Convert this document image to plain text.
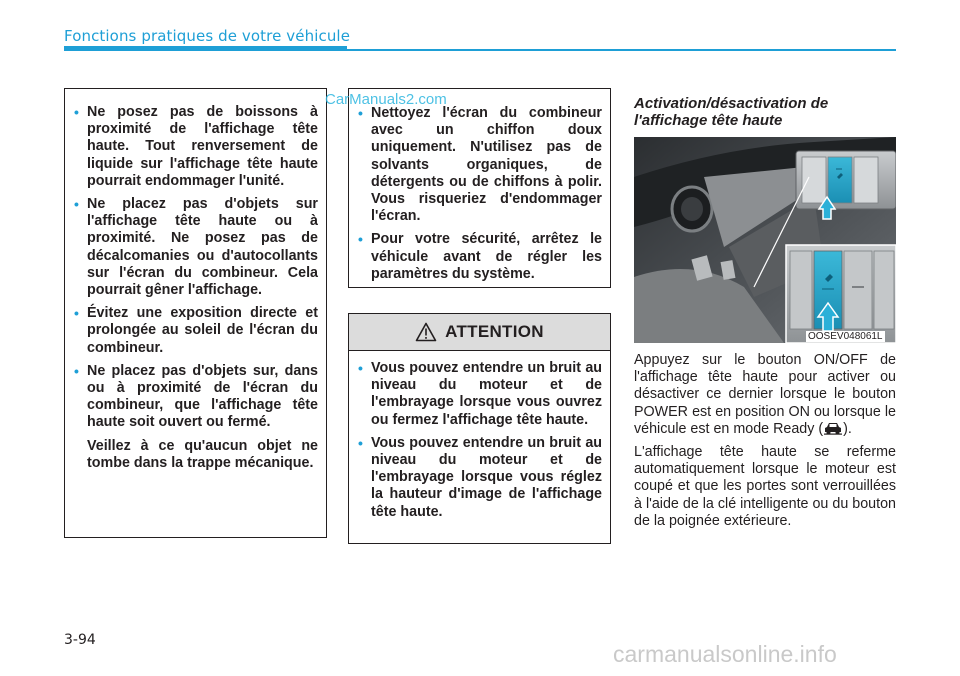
Fonctions pratiques de votre véhicule
CarManuals2.com
• Ne posez pas de boissons à proximité de l'affichage tête haute. Tout renversement de liquide sur l'affichage tête haute pourrait endommager l'unité.
• Ne placez pas d'objets sur l'affichage tête haute ou à proximité. Ne posez pas de décalcomanies ou d'autocollants sur l'écran du combineur. Cela pourrait gêner l'affichage.
• Évitez une exposition directe et prolongée au soleil de l'écran du combineur.
• Ne placez pas d'objets sur, dans ou à proximité de l'écran du combineur, que l'affichage tête haute soit ouvert ou fermé.

Veillez à ce qu'aucun objet ne tombe dans la trappe mécanique.

• Nettoyez l'écran du combineur avec un chiffon doux uniquement. N'utilisez pas de solvants organiques, de détergents ou de chiffons à polir. Vous risqueriez d'endommager l'écran.
• Pour votre sécurité, arrêtez le véhicule avant de régler les paramètres du système.
ATTENTION
• Vous pouvez entendre un bruit au niveau du moteur et de l'embrayage lorsque vous ouvrez ou fermez l'affichage tête haute.
• Vous pouvez entendre un bruit au niveau du moteur et de l'embrayage lorsque vous réglez la hauteur d'image de l'affichage tête haute.
Activation/désactivation de l'affichage tête haute
OOSEV048061L

Appuyez sur le bouton ON/OFF de l'affichage tête haute pour activer ou désactiver ce dernier lorsque le bouton POWER est en position ON ou lorsque le véhicule est en mode Ready ( ).

L'affichage tête haute se referme automatiquement lorsque le moteur est coupé et que les portes sont verrouillées à l'aide de la clé intelligente ou du bouton de la poignée extérieure.

3-94
carmanualsonline.info
